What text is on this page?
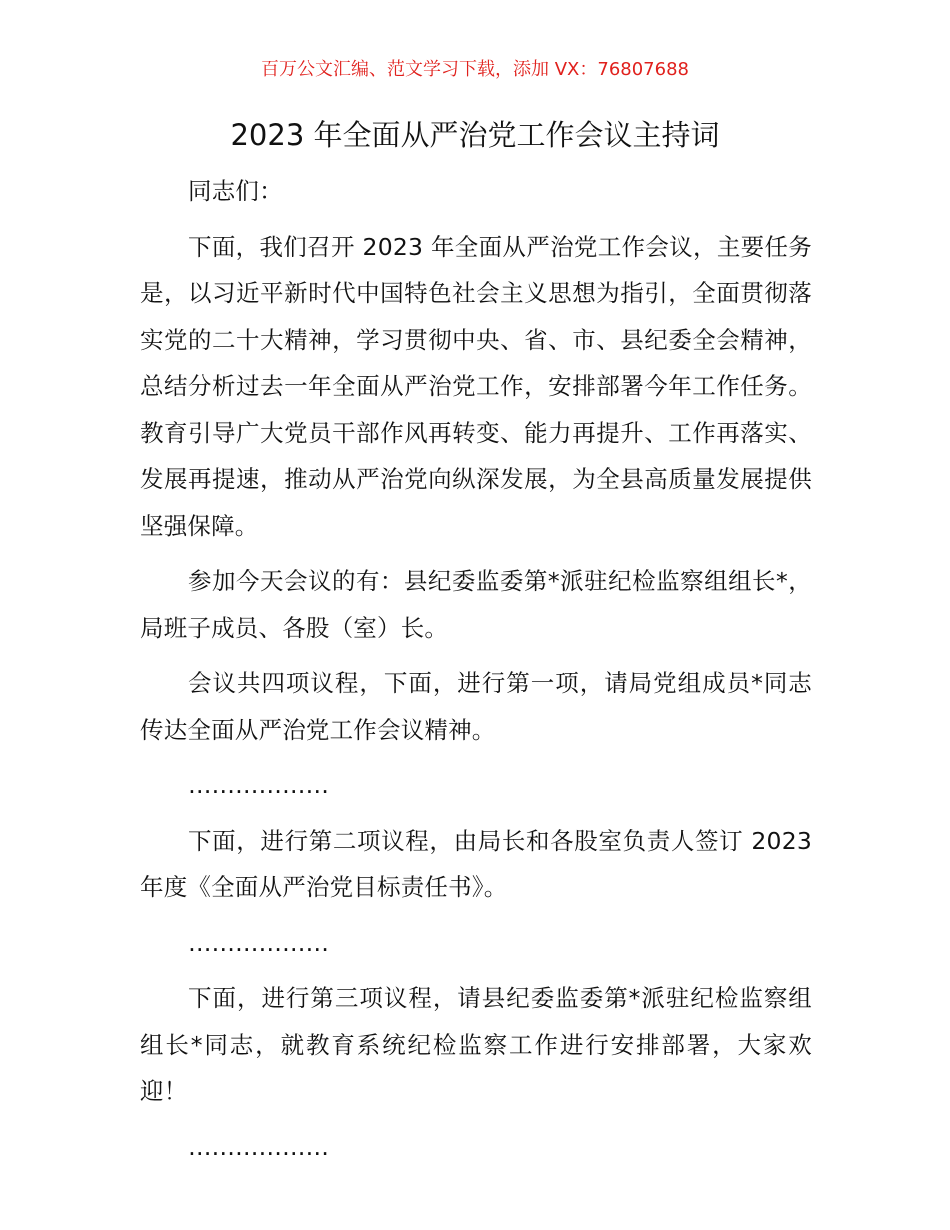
百万公文汇编、范文学习下载，添加 VX：76807688
2023 年全面从严治党工作会议主持词

同志们：

下面，我们召开 2023 年全面从严治党工作会议，主要任务是，以习近平新时代中国特色社会主义思想为指引，全面贯彻落实党的二十大精神，学习贯彻中央、省、市、县纪委全会精神，总结分析过去一年全面从严治党工作，安排部署今年工作任务。教育引导广大党员干部作风再转变、能力再提升、工作再落实、发展再提速，推动从严治党向纵深发展，为全县高质量发展提供坚强保障。

参加今天会议的有：县纪委监委第*派驻纪检监察组组长*，局班子成员、各股（室）长。

会议共四项议程，下面，进行第一项，请局党组成员*同志传达全面从严治党工作会议精神。

………………

下面，进行第二项议程，由局长和各股室负责人签订 2023 年度《全面从严治党目标责任书》。

………………

下面，进行第三项议程，请县纪委监委第*派驻纪检监察组组长*同志，就教育系统纪检监察工作进行安排部署，大家欢迎！

………………
